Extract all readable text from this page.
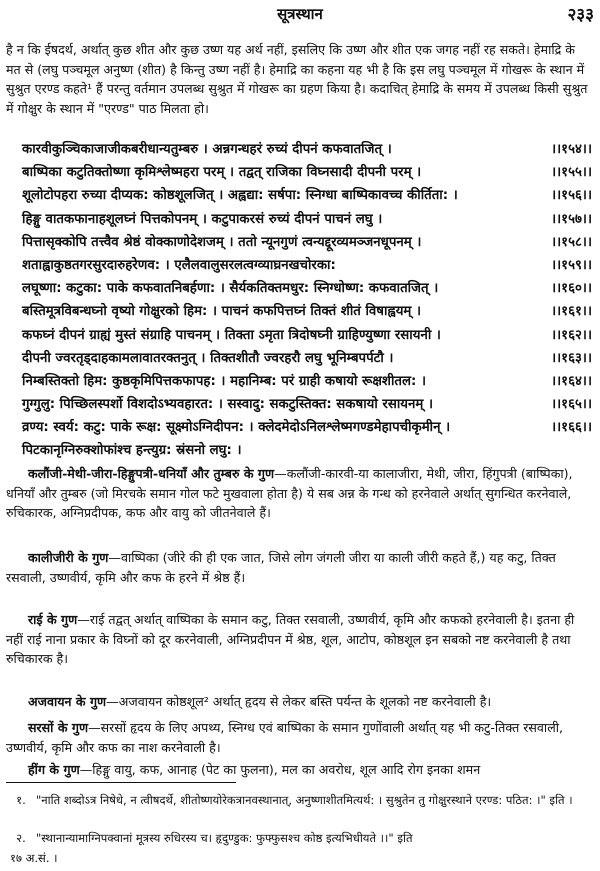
सूत्रस्थान	२३३

है न कि ईषदर्थ, अर्थात् कुछ शीत और कुछ उष्ण यह अर्थ नहीं, इसलिए कि उष्ण और शीत एक जगह नहीं रह सकते। हेमाद्रि के मत से (लघु पञ्चमूल अनुष्ण (शीत) है किन्तु उष्ण नहीं है। हेमाद्रि का कहना यह भी है कि इस लघु पञ्चमूल में गोखरू के स्थान में सुश्रुत एरण्ड कहते¹ हैं परन्तु वर्तमान उपलब्ध सुश्रुत में गोखरू का ग्रहण किया है। कदाचित् हेमाद्रि के समय में उपलब्ध किसी सुश्रुत में गोक्षुर के स्थान में "एरण्ड" पाठ मिलता हो।

कारवीकुञ्चिकाजाजीकबरीधान्यतुम्बरु । अन्नगन्धहरं रुच्यं दीपनं कफवातजित् ।	।।१५४।।
बाष्पिका कटुतिक्तोष्णा कृमिश्लेष्महरा परम् । तद्वत् राजिका विघ्नसादी दीपनी परम् ।	।।१५५।।
शूलोटोपहरा रुच्या दीप्यक: कोष्ठशूलजित् । अह्वद्या: सर्षपा: स्निग्धा बाष्पिकावच्च कीर्तिता: ।	।।१५६।।
हिङ्गु वातकफानाहशूलघ्नं पित्तकोपनम् । कटुपाकरसं रुच्यं दीपनं पाचनं लघु ।	।।१५७।।
पित्तासृक्कोपि तत्त्वैव श्रेष्ठं वोक्काणोदेशजम् । ततो न्यूनगुणं त्वन्यद्दूरव्यमञ्जनधूपनम् ।	।।१५८।।
शताह्वाकुष्ठतगरसुरदारुहरेणव: । एलैलवालुसरलत्वग्व्याघ्रनखचोरका:	।।१५९।।
लघूष्णा: कटुका: पाके कफवातनिबर्हणा: । सैर्यकतिक्तमधुर: स्निग्धोष्ण: कफवातजित् ।	।।१६०।।
बस्तिमूत्रविबन्धघ्नो वृष्यो गोक्षुरको हिम: । पाचनं कफपित्तघ्नं तिक्तं शीतं विषाह्वयम् ।	।।१६१।।
कफघ्नं दीपनं ग्राह्यं मुस्तं संग्राहि पाचनम् । तिक्ता ऽमृता त्रिदोषघ्नी ग्राहिण्युष्णा रसायनी ।	।।१६२।।
दीपनी ज्वरतृड्दाहकामलावातरक्तनुत् । तिक्तशीतौ ज्वरहरौ लघु भूनिम्बपर्पटौ ।	।।१६३।।
निम्बस्तिक्तो हिम: कुष्ठकृमिपित्तकफापह: । महानिम्ब: परं ग्राही कषायो रूक्षशीतल: ।	।।१६४।।
गुग्गुलु: पिच्छिलस्पर्शो विशदोऽभ्यवहारत: । सस्वादु: सकटुस्तिक्त: सकषायो रसायनम् ।	।।१६५।।
व्रण्य: स्वर्य: कटु: पाके रूक्ष: सूक्ष्मोऽग्निदीपन: । क्लेदमेदोऽनिलश्लेष्मगण्डमेहापचीकृमीन् ।	।।१६६।।
पिटकानृग्निरुक्शोफांश्च हन्त्युग्र: स्रंसनो लघु: ।

कलौंजी-मेथी-जीरा-हिङ्गुपत्री-धनियाँ और तुम्बरु के गुण—कलौंजी-कारवी-या कालाजीरा, मेथी, जीरा, हिंगुपत्री (बाष्पिका), धनियाँ और तुम्बरु (जो मिरचके समान गोल फटे मुखवाला होता है) ये सब अन्न के गन्ध को हरनेवाले अर्थात् सुगन्धित करनेवाले, रुचिकारक, अग्निप्रदीपक, कफ और वायु को जीतनेवाले हैं।

कालीजीरी के गुण—वाष्पिका (जीरे की ही एक जात, जिसे लोग जंगली जीरा या काली जीरी कहते हैं,) यह कटु, तिक्त रसवाली, उष्णवीर्य, कृमि और कफ के हरने में श्रेष्ठ हैं।

राई के गुण—राई तद्वत् अर्थात् वाष्पिका के समान कटु, तिक्त रसवाली, उष्णवीर्य, कृमि और कफको हरनेवाली है। इतना ही नहीं राई नाना प्रकार के विघ्नों को दूर करनेवाली, अग्निप्रदीपन में श्रेष्ठ, शूल, आटोप, कोष्ठशूल इन सबको नष्ट करनेवाली है तथा रुचिकारक है।

अजवायन के गुण—अजवायन कोष्ठशूल² अर्थात् हृदय से लेकर बस्ति पर्यन्त के शूलको नष्ट करनेवाली है।

सरसों के गुण—सरसों हृदय के लिए अपथ्य, स्निग्ध एवं बाष्पिका के समान गुणोंवाली अर्थात् यह भी कटु-तिक्त रसवाली, उष्णवीर्य, कृमि और कफ का नाश करनेवाली है।

हींग के गुण—हिङ्गु वायु, कफ, आनाह (पेट का फुलना), मल का अवरोध, शूल आदि रोग इनका शमन

१. "नाति शब्दोऽत्र निषेधे, न त्वीषदर्थे, शीतोष्णयोरेकत्रानवस्थानात्, अनुष्णाशीतमित्यर्थ: । सुश्रुतेन तु गोक्षुरस्थाने एरण्ड: पठित: ।" इति ।

२. "स्थानान्यामाग्निपक्वानां मूत्रस्य रुधिरस्य च। हृदुण्डुक: फुफ्फुसश्च कोष्ठ इत्यभिधीयते ।।" इति

१७ अ.सं. ।
